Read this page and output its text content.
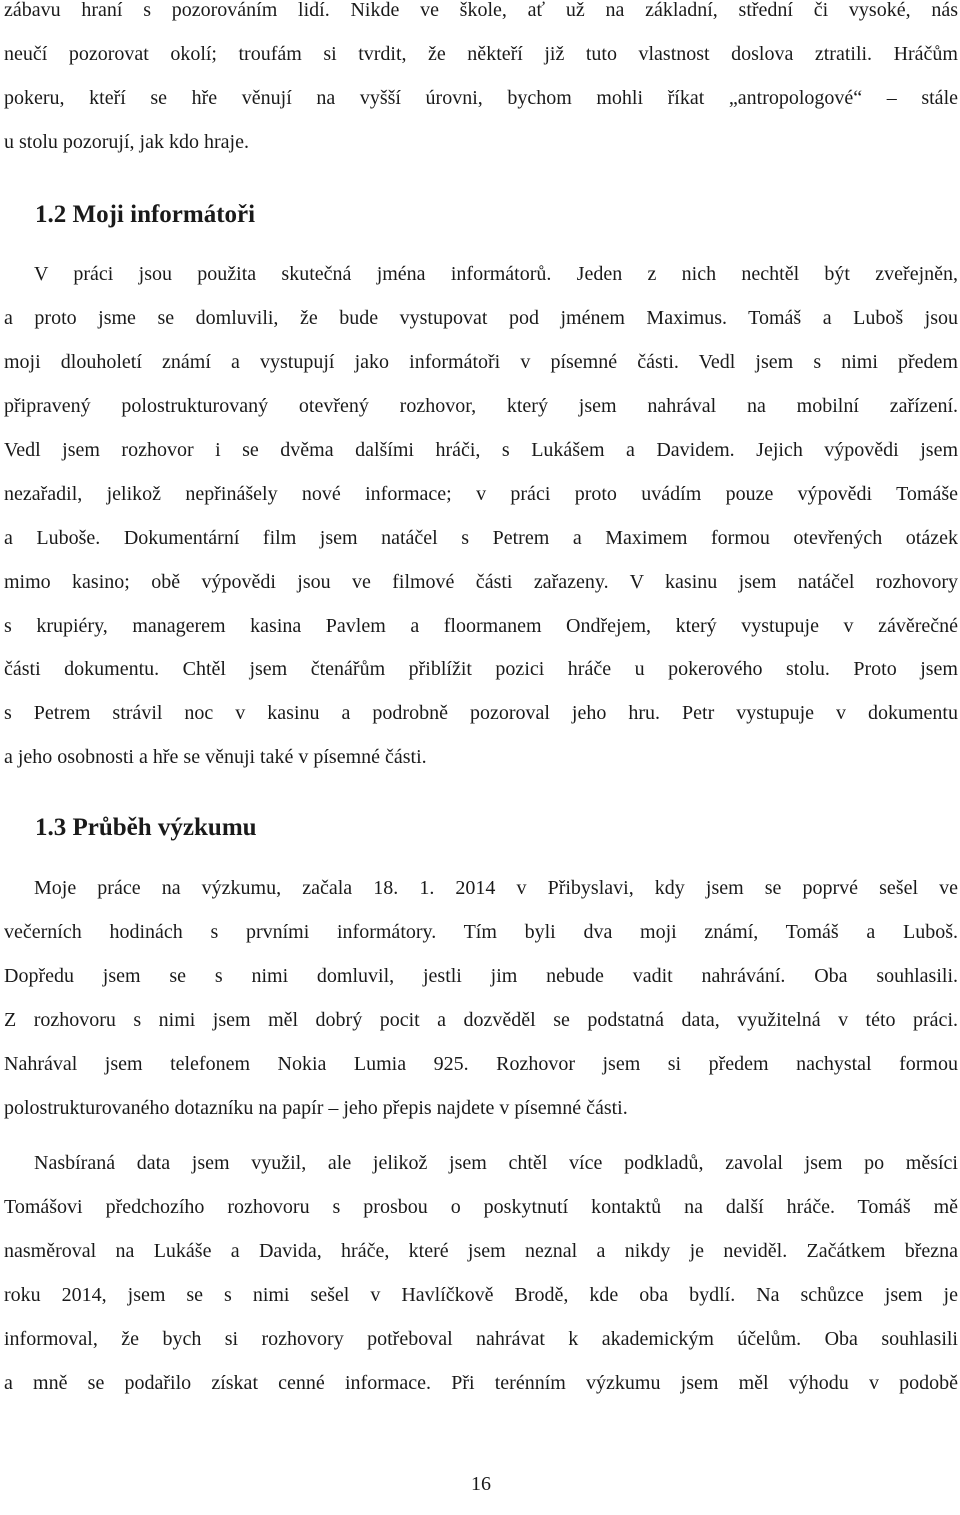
zábavu hraní s pozorováním lidí. Nikde ve škole, ať už na základní, střední či vysoké, nás
neučí pozorovat okolí; troufám si tvrdit, že někteří již tuto vlastnost doslova ztratili. Hráčům
pokeru, kteří se hře věnují na vyšší úrovni, bychom mohli říkat „antropologové“ – stále
u stolu pozorují, jak kdo hraje.
1.2 Moji informátoři
V práci jsou použita skutečná jména informátorů. Jeden z nich nechtěl být zveřejněn,
a proto jsme se domluvili, že bude vystupovat pod jménem Maximus. Tomáš a Luboš jsou
moji dlouholetí známí a vystupují jako informátoři v písemné části. Vedl jsem s nimi předem
připravený polostrukturovaný otevřený rozhovor, který jsem nahrával na mobilní zařízení.
Vedl jsem rozhovor i se dvěma dalšími hráči, s Lukášem a Davidem. Jejich výpovědi jsem
nezařadil, jelikož nepřinášely nové informace; v práci proto uvádím pouze výpovědi Tomáše
a Luboše. Dokumentární film jsem natáčel s Petrem a Maximem formou otevřených otázek
mimo kasino; obě výpovědi jsou ve filmové části zařazeny. V kasinu jsem natáčel rozhovory
s krupiéry, managerem kasina Pavlem a floormanem Ondřejem, který vystupuje v závěrečné
části dokumentu. Chtěl jsem čtenářům přiblížit pozici hráče u pokerového stolu. Proto jsem
s Petrem strávil noc v kasinu a podrobně pozoroval jeho hru. Petr vystupuje v dokumentu
a jeho osobnosti a hře se věnuji také v písemné části.
1.3 Průběh výzkumu
Moje práce na výzkumu, začala 18. 1. 2014 v Přibyslavi, kdy jsem se poprvé sešel ve
večerních hodinách s prvními informátory. Tím byli dva moji známí, Tomáš a Luboš.
Dopředu jsem se s nimi domluvil, jestli jim nebude vadit nahrávání. Oba souhlasili.
Z rozhovoru s nimi jsem měl dobrý pocit a dozvěděl se podstatná data, využitelná v této práci.
Nahrával jsem telefonem Nokia Lumia 925. Rozhovor jsem si předem nachystal formou
polostrukturovaného dotazníku na papír – jeho přepis najdete v písemné části.
Nasbíraná data jsem využil, ale jelikož jsem chtěl více podkladů, zavolal jsem po měsíci
Tomášovi předchozího rozhovoru s prosbou o poskytnutí kontaktů na další hráče. Tomáš mě
nasměroval na Lukáše a Davida, hráče, které jsem neznal a nikdy je neviděl. Začátkem března
roku 2014, jsem se s nimi sešel v Havlíčkově Brodě, kde oba bydlí. Na schůzce jsem je
informoval, že bych si rozhovory potřeboval nahrávat k akademickým účelům. Oba souhlasili
a mně se podařilo získat cenné informace. Při terénním výzkumu jsem měl výhodu v podobě
16
